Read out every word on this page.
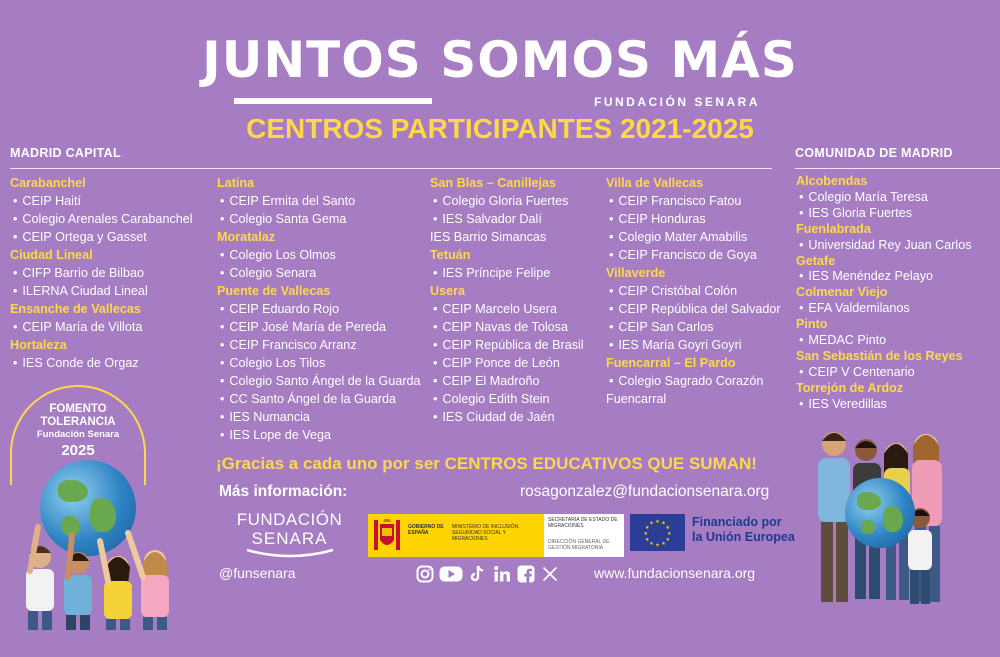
JUNTOS SOMOS MÁS
FUNDACIÓN SENARA
CENTROS PARTICIPANTES 2021-2025
MADRID CAPITAL	COMUNIDAD DE MADRID
Carabanchel
• CEIP Haití
• Colegio Arenales Carabanchel
• CEIP Ortega y Gasset
Ciudad Lineal
• CIFP Barrio de Bilbao
• ILERNA Ciudad Lineal
Ensanche de Vallecas
• CEIP María de Villota
Hortaleza
• IES Conde de Orgaz
Latina
• CEIP Ermita del Santo
• Colegio Santa Gema
Moratalaz
• Colegio Los Olmos
• Colegio Senara
Puente de Vallecas
• CEIP Eduardo Rojo
• CEIP José María de Pereda
• CEIP Francisco Arranz
• Colegio Los Tilos
• Colegio Santo Ángel de la Guarda
• CC Santo Ángel de la Guarda
• IES Numancia
• IES Lope de Vega
San Blas – Canillejas
• Colegio Gloria Fuertes
• IES Salvador Dalí
IES Barrio Simancas
Tetuán
• IES Príncipe Felipe
Usera
• CEIP Marcelo Usera
• CEIP Navas de Tolosa
• CEIP República de Brasil
• CEIP Ponce de León
• CEIP El Madroño
• Colegio Edith Stein
• IES Ciudad de Jaén
Villa de Vallecas
• CEIP Francisco Fatou
• CEIP Honduras
• Colegio Mater Amabilis
• CEIP Francisco de Goya
Villaverde
• CEIP Cristóbal Colón
• CEIP República del Salvador
• CEIP San Carlos
• IES María Goyri Goyri
Fuencarral – El Pardo
• Colegio Sagrado Corazón
Fuencarral
Alcobendas
• Colegio María Teresa
• IES Gloria Fuertes
Fuenlabrada
• Universidad Rey Juan Carlos
Getafe
• IES Menéndez Pelayo
Colmenar Viejo
• EFA Valdemilanos
Pinto
• MEDAC Pinto
San Sebastián de los Reyes
• CEIP V Centenario
Torrejón de Ardoz
• IES Veredillas
FOMENTO
TOLERANCIA
Fundación Senara
2025
¡Gracias a cada uno por ser CENTROS EDUCATIVOS QUE SUMAN!
Más información:	rosagonzalez@fundacionsenara.org
FUNDACIÓN
SENARA
GOBIERNO DE ESPAÑA
MINISTERIO DE INCLUSIÓN, SEGURIDAD SOCIAL Y MIGRACIONES
SECRETARÍA DE ESTADO DE MIGRACIONES
DIRECCIÓN GENERAL DE GESTIÓN MIGRATORIA
★ ★
★
★
★
★
★
★
★
★
★
★	Financiado por
la Unión Europea
@funsenara	www.fundacionsenara.org
